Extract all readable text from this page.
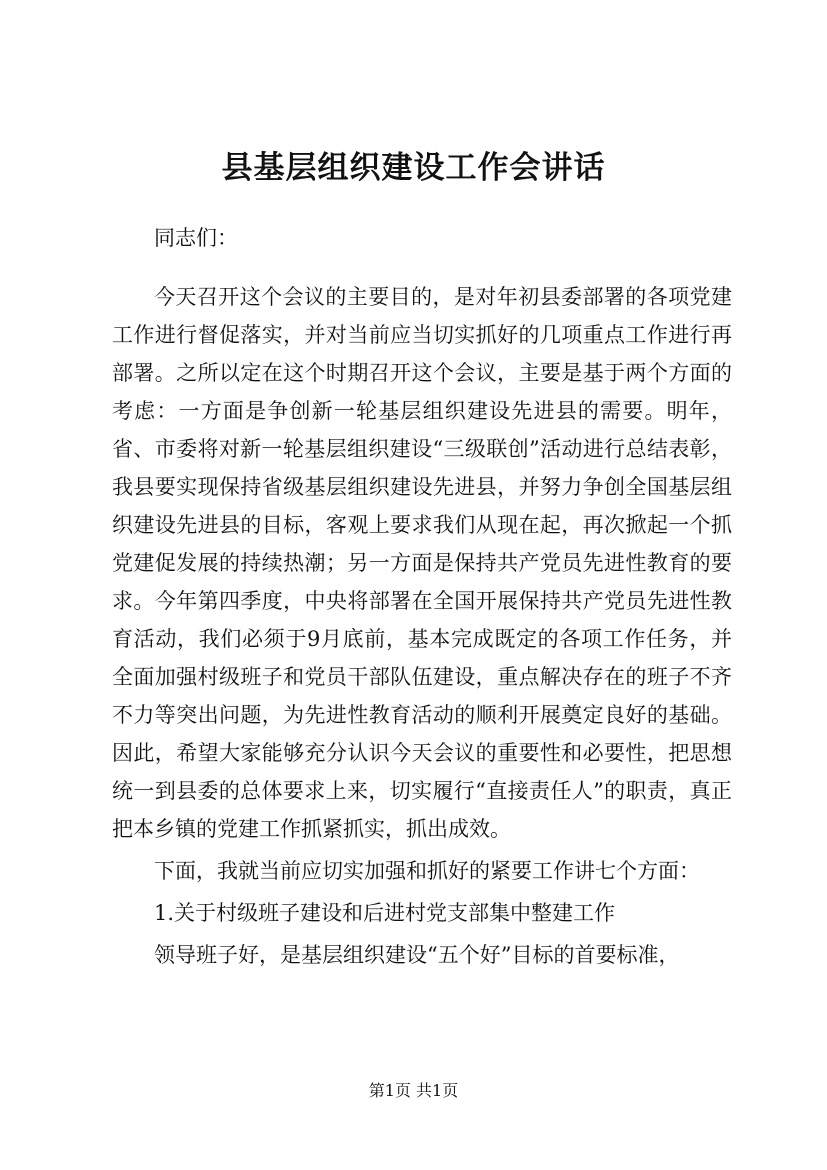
县基层组织建设工作会讲话

同志们：

今天召开这个会议的主要目的，是对年初县委部署的各项党建工作进行督促落实，并对当前应当切实抓好的几项重点工作进行再部署。之所以定在这个时期召开这个会议，主要是基于两个方面的考虑：一方面是争创新一轮基层组织建设先进县的需要。明年，省、市委将对新一轮基层组织建设“三级联创”活动进行总结表彰，我县要实现保持省级基层组织建设先进县，并努力争创全国基层组织建设先进县的目标，客观上要求我们从现在起，再次掀起一个抓党建促发展的持续热潮；另一方面是保持共产党员先进性教育的要求。今年第四季度，中央将部署在全国开展保持共产党员先进性教育活动，我们必须于9月底前，基本完成既定的各项工作任务，并全面加强村级班子和党员干部队伍建设，重点解决存在的班子不齐不力等突出问题，为先进性教育活动的顺利开展奠定良好的基础。因此，希望大家能够充分认识今天会议的重要性和必要性，把思想统一到县委的总体要求上来，切实履行“直接责任人”的职责，真正把本乡镇的党建工作抓紧抓实，抓出成效。

下面，我就当前应切实加强和抓好的紧要工作讲七个方面：

1.关于村级班子建设和后进村党支部集中整建工作

领导班子好，是基层组织建设“五个好”目标的首要标准，

第1页 共1页
